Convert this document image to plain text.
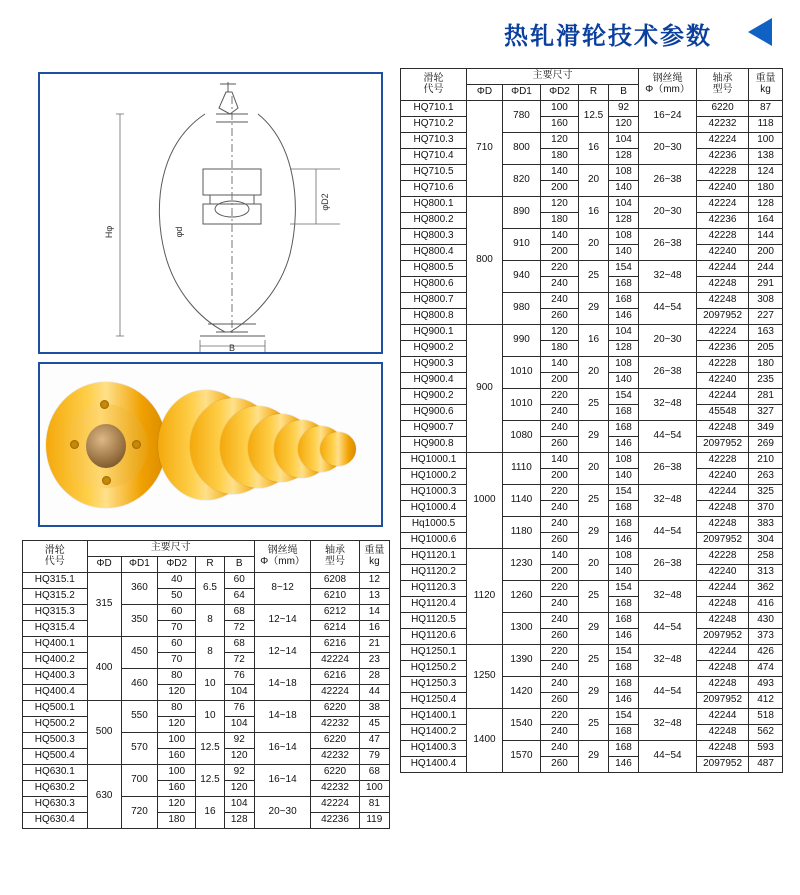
热轧滑轮技术参数
Hφ	φd
φD2
B
滑轮
代号
	主要尺寸	钢丝绳
Φ（mm）

轴承
型号

重量
kg

	ΦD	ΦD1	ΦD2	R	B			
HQ710.1	710	780	100	12.5	92	16~24	6220	87
HQ710.2			160		120		42232	118
HQ710.3		800	120	16	104	20~30	42224	100
HQ710.4			180		128		42236	138
HQ710.5		820	140	20	108	26~38	42228	124
HQ710.6			200		140		42240	180
HQ800.1	800	890	120	16	104	20~30	42224	128
HQ800.2			180		128		42236	164
HQ800.3		910	140	20	108	26~38	42228	144
HQ800.4			200		140		42240	200
HQ800.5		940	220	25	154	32~48	42244	244
HQ800.6			240		168		42248	291
HQ800.7		980	240	29	168	44~54	42248	308
HQ800.8			260		146		2097952	227
HQ900.1	900	990	120	16	104	20~30	42224	163
HQ900.2			180		128		42236	205
HQ900.3		1010	140	20	108	26~38	42228	180
HQ900.4			200		140		42240	235
HQ900.2		1010	220	25	154	32~48	42244	281
HQ900.6			240		168		45548	327
HQ900.7		1080	240	29	168	44~54	42248	349
HQ900.8			260		146		2097952	269
HQ1000.1	1000	1110	140	20	108	26~38	42228	210
HQ1000.2			200		140		42240	263
HQ1000.3		1140	220	25	154	32~48	42244	325
HQ1000.4			240		168		42248	370
Hq1000.5		1180	240	29	168	44~54	42248	383
HQ1000.6			260		146		2097952	304
HQ1120.1	1120	1230	140	20	108	26~38	42228	258
HQ1120.2			200		140		42240	313
HQ1120.3		1260	220	25	154	32~48	42244	362
HQ1120.4			240		168		42248	416
HQ1120.5		1300	240	29	168	44~54	42248	430
HQ1120.6			260		146		2097952	373
HQ1250.1	1250	1390	220	25	154	32~48	42244	426
HQ1250.2			240		168		42248	474
HQ1250.3		1420	240	29	168	44~54	42248	493
HQ1250.4			260		146		2097952	412
HQ1400.1	1400	1540	220	25	154	32~48	42244	518
HQ1400.2			240		168		42248	562
HQ1400.3		1570	240	29	168	44~54	42248	593
HQ1400.4			260		146		2097952	487
滑轮
代号
	主要尺寸	钢丝绳
Φ（mm）

轴承
型号

重量
kg

	ΦD	ΦD1	ΦD2	R	B			
HQ315.1	315	360	40	6.5	60	8~12	6208	12
HQ315.2			50		64		6210	13
HQ315.3		350	60	8	68	12~14	6212	14
HQ315.4			70		72		6214	16
HQ400.1	400	450	60	8	68	12~14	6216	21
HQ400.2			70		72		42224	23
HQ400.3		460	80	10	76	14~18	6216	28
HQ400.4			120		104		42224	44
HQ500.1	500	550	80	10	76	14~18	6220	38
HQ500.2			120		104		42232	45
HQ500.3		570	100	12.5	92	16~14	6220	47
HQ500.4			160		120		42232	79
HQ630.1	630	700	100	12.5	92	16~14	6220	68
HQ630.2			160		120		42232	100
HQ630.3		720	120	16	104	20~30	42224	81
HQ630.4			180		128		42236	119
